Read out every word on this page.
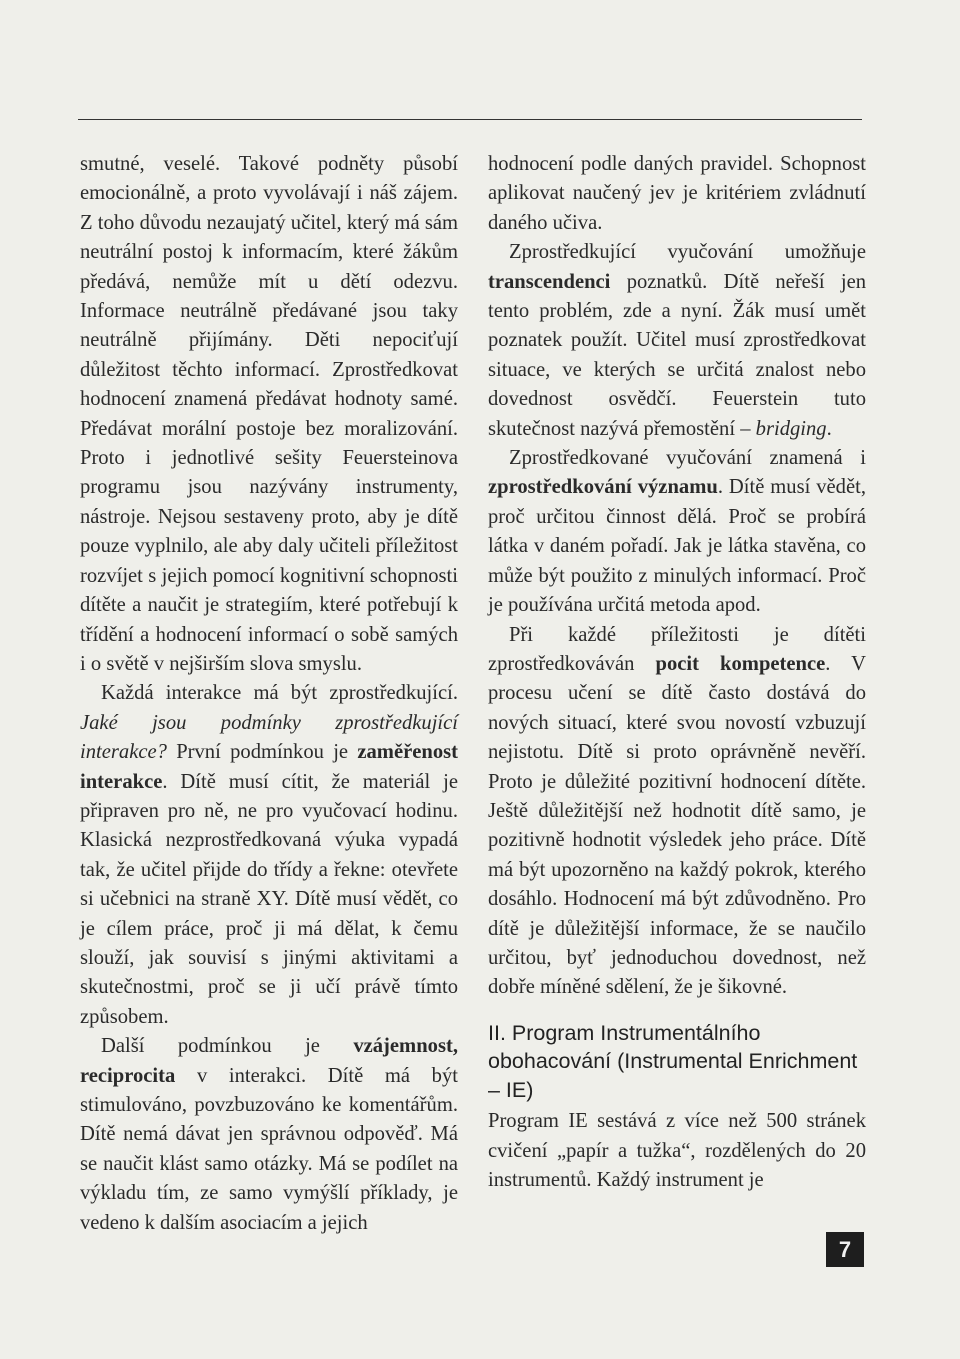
smutné, veselé. Takové podněty působí emocionálně, a proto vyvolávají i náš zájem. Z toho důvodu nezaujatý učitel, který má sám neutrální postoj k informacím, které žákům předává, nemůže mít u dětí odezvu. Informace neutrálně předávané jsou taky neutrálně přijímány. Děti nepociťují důležitost těchto informací. Zprostředkovat hodnocení znamená předávat hodnoty samé. Předávat morální postoje bez moralizování. Proto i jednotlivé sešity Feuersteinova programu jsou nazývány instrumenty, nástroje. Nejsou sestaveny proto, aby je dítě pouze vyplnilo, ale aby daly učiteli příležitost rozvíjet s jejich pomocí kognitivní schopnosti dítěte a naučit je strategiím, které potřebují k třídění a hodnocení informací o sobě samých i o světě v nejširším slova smyslu.

Každá interakce má být zprostředkující. Jaké jsou podmínky zprostředkující interakce? První podmínkou je zaměřenost interakce. Dítě musí cítit, že materiál je připraven pro ně, ne pro vyučovací hodinu. Klasická nezprostředkovaná výuka vypadá tak, že učitel přijde do třídy a řekne: otevřete si učebnici na straně XY. Dítě musí vědět, co je cílem práce, proč ji má dělat, k čemu slouží, jak souvisí s jinými aktivitami a skutečnostmi, proč se ji učí právě tímto způsobem.

Další podmínkou je vzájemnost, reciprocita v interakci. Dítě má být stimulováno, povzbuzováno ke komentářům. Dítě nemá dávat jen správnou odpověď. Má se naučit klást samo otázky. Má se podílet na výkladu tím, ze samo vymýšlí příklady, je vedeno k dalším asociacím a jejich

hodnocení podle daných pravidel. Schopnost aplikovat naučený jev je kritériem zvládnutí daného učiva.

Zprostředkující vyučování umožňuje transcendenci poznatků. Dítě neřeší jen tento problém, zde a nyní. Žák musí umět poznatek použít. Učitel musí zprostředkovat situace, ve kterých se určitá znalost nebo dovednost osvědčí. Feuerstein tuto skutečnost nazývá přemostění – bridging.

Zprostředkované vyučování znamená i zprostředkování významu. Dítě musí vědět, proč určitou činnost dělá. Proč se probírá látka v daném pořadí. Jak je látka stavěna, co může být použito z minulých informací. Proč je používána určitá metoda apod.

Při každé příležitosti je dítěti zprostředkováván pocit kompetence. V procesu učení se dítě často dostává do nových situací, které svou novostí vzbuzují nejistotu. Dítě si proto oprávněně nevěří. Proto je důležité pozitivní hodnocení dítěte. Ještě důležitější než hodnotit dítě samo, je pozitivně hodnotit výsledek jeho práce. Dítě má být upozorněno na každý pokrok, kterého dosáhlo. Hodnocení má být zdůvodněno. Pro dítě je důležitější informace, že se naučilo určitou, byť jednoduchou dovednost, než dobře míněné sdělení, že je šikovné.

II. Program Instrumentálního obohacování (Instrumental Enrichment – IE)

Program IE sestává z více než 500 stránek cvičení „papír a tužka“, rozdělených do 20 instrumentů. Každý instrument je

7
